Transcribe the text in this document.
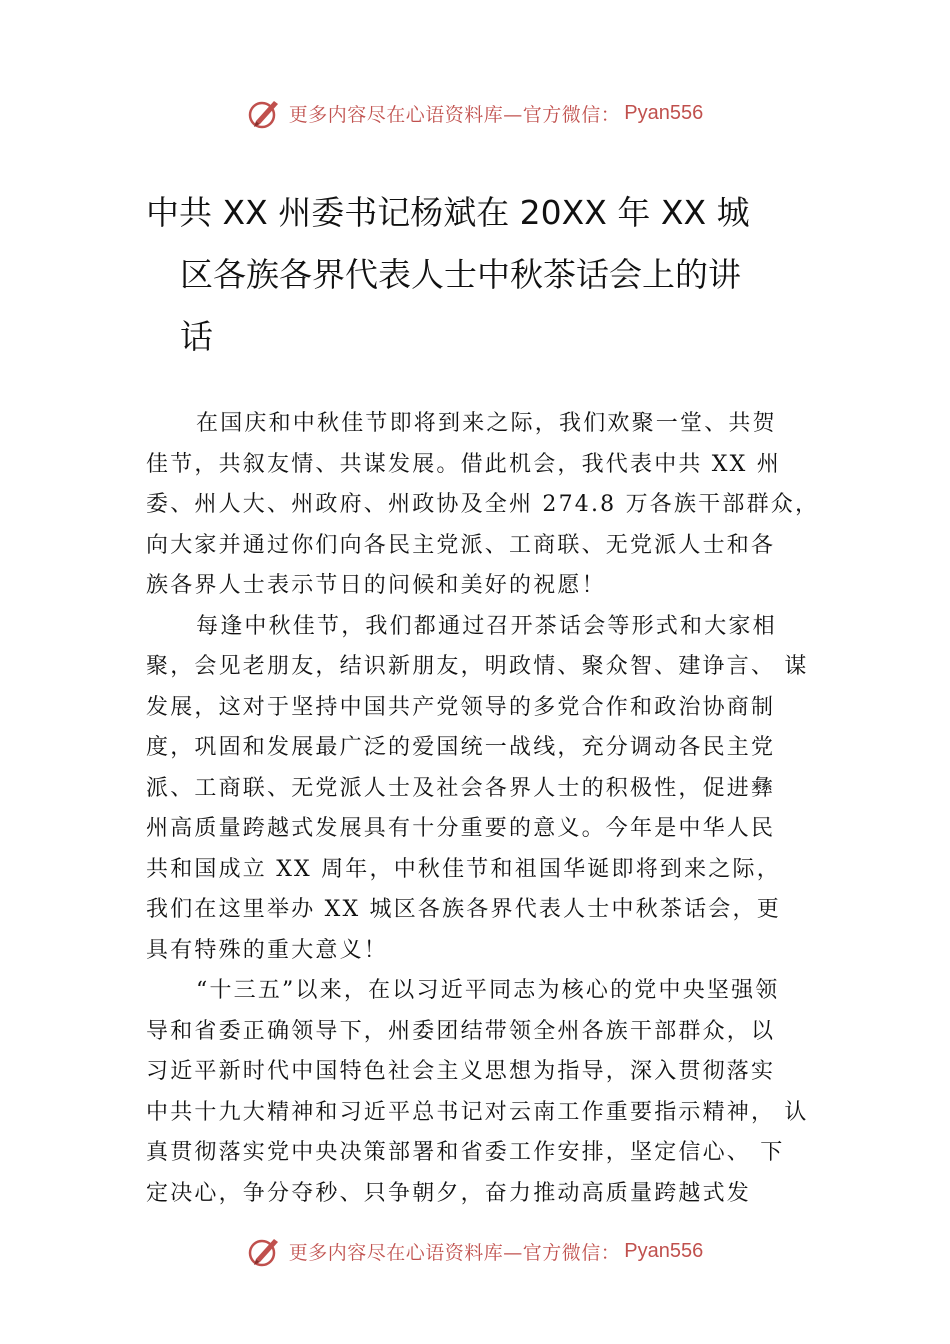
更多内容尽在心语资料库—官方微信： Pyan556
中共 XX 州委书记杨斌在 20XX 年 XX 城
区各族各界代表人士中秋茶话会上的讲
话
在国庆和中秋佳节即将到来之际，我们欢聚一堂、共贺
佳节，共叙友情、共谋发展。借此机会，我代表中共 XX 州
委、州人大、州政府、州政协及全州 274.8 万各族干部群众，
向大家并通过你们向各民主党派、工商联、无党派人士和各
族各界人士表示节日的问候和美好的祝愿！
每逢中秋佳节，我们都通过召开茶话会等形式和大家相
聚，会见老朋友，结识新朋友，明政情、聚众智、建诤言、 谋
发展，这对于坚持中国共产党领导的多党合作和政治协商制
度，巩固和发展最广泛的爱国统一战线，充分调动各民主党
派、工商联、无党派人士及社会各界人士的积极性，促进彝
州高质量跨越式发展具有十分重要的意义。今年是中华人民
共和国成立 XX 周年，中秋佳节和祖国华诞即将到来之际，
我们在这里举办 XX 城区各族各界代表人士中秋茶话会，更
具有特殊的重大意义！
“十三五”以来，在以习近平同志为核心的党中央坚强领
导和省委正确领导下，州委团结带领全州各族干部群众，以
习近平新时代中国特色社会主义思想为指导，深入贯彻落实
中共十九大精神和习近平总书记对云南工作重要指示精神， 认
真贯彻落实党中央决策部署和省委工作安排，坚定信心、 下
定决心，争分夺秒、只争朝夕，奋力推动高质量跨越式发
更多内容尽在心语资料库—官方微信： Pyan556
